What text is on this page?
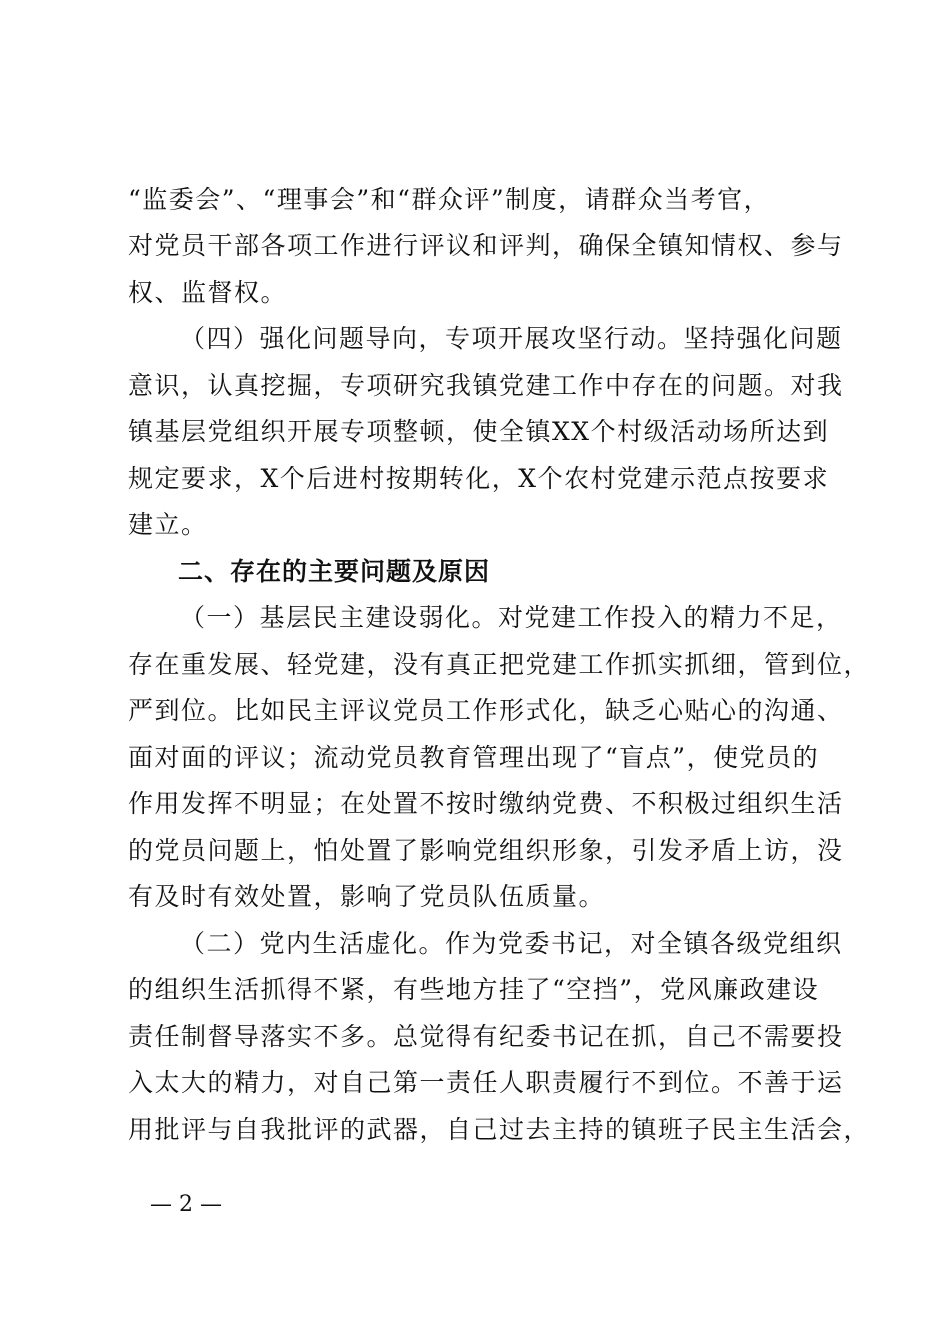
“监委会”、“理事会”和“群众评”制度，请群众当考官，
对党员干部各项工作进行评议和评判，确保全镇知情权、参与
权、监督权。
（四）强化问题导向，专项开展攻坚行动。坚持强化问题
意识，认真挖掘，专项研究我镇党建工作中存在的问题。对我
镇基层党组织开展专项整顿，使全镇XX个村级活动场所达到
规定要求，X个后进村按期转化，X个农村党建示范点按要求
建立。
二、存在的主要问题及原因
（一）基层民主建设弱化。对党建工作投入的精力不足，
存在重发展、轻党建，没有真正把党建工作抓实抓细，管到位，
严到位。比如民主评议党员工作形式化，缺乏心贴心的沟通、
面对面的评议；流动党员教育管理出现了“盲点”，使党员的
作用发挥不明显；在处置不按时缴纳党费、不积极过组织生活
的党员问题上，怕处置了影响党组织形象，引发矛盾上访，没
有及时有效处置，影响了党员队伍质量。
（二）党内生活虚化。作为党委书记，对全镇各级党组织
的组织生活抓得不紧，有些地方挂了“空挡”，党风廉政建设
责任制督导落实不多。总觉得有纪委书记在抓，自己不需要投
入太大的精力，对自己第一责任人职责履行不到位。不善于运
用批评与自我批评的武器，自己过去主持的镇班子民主生活会，
— 2 —
